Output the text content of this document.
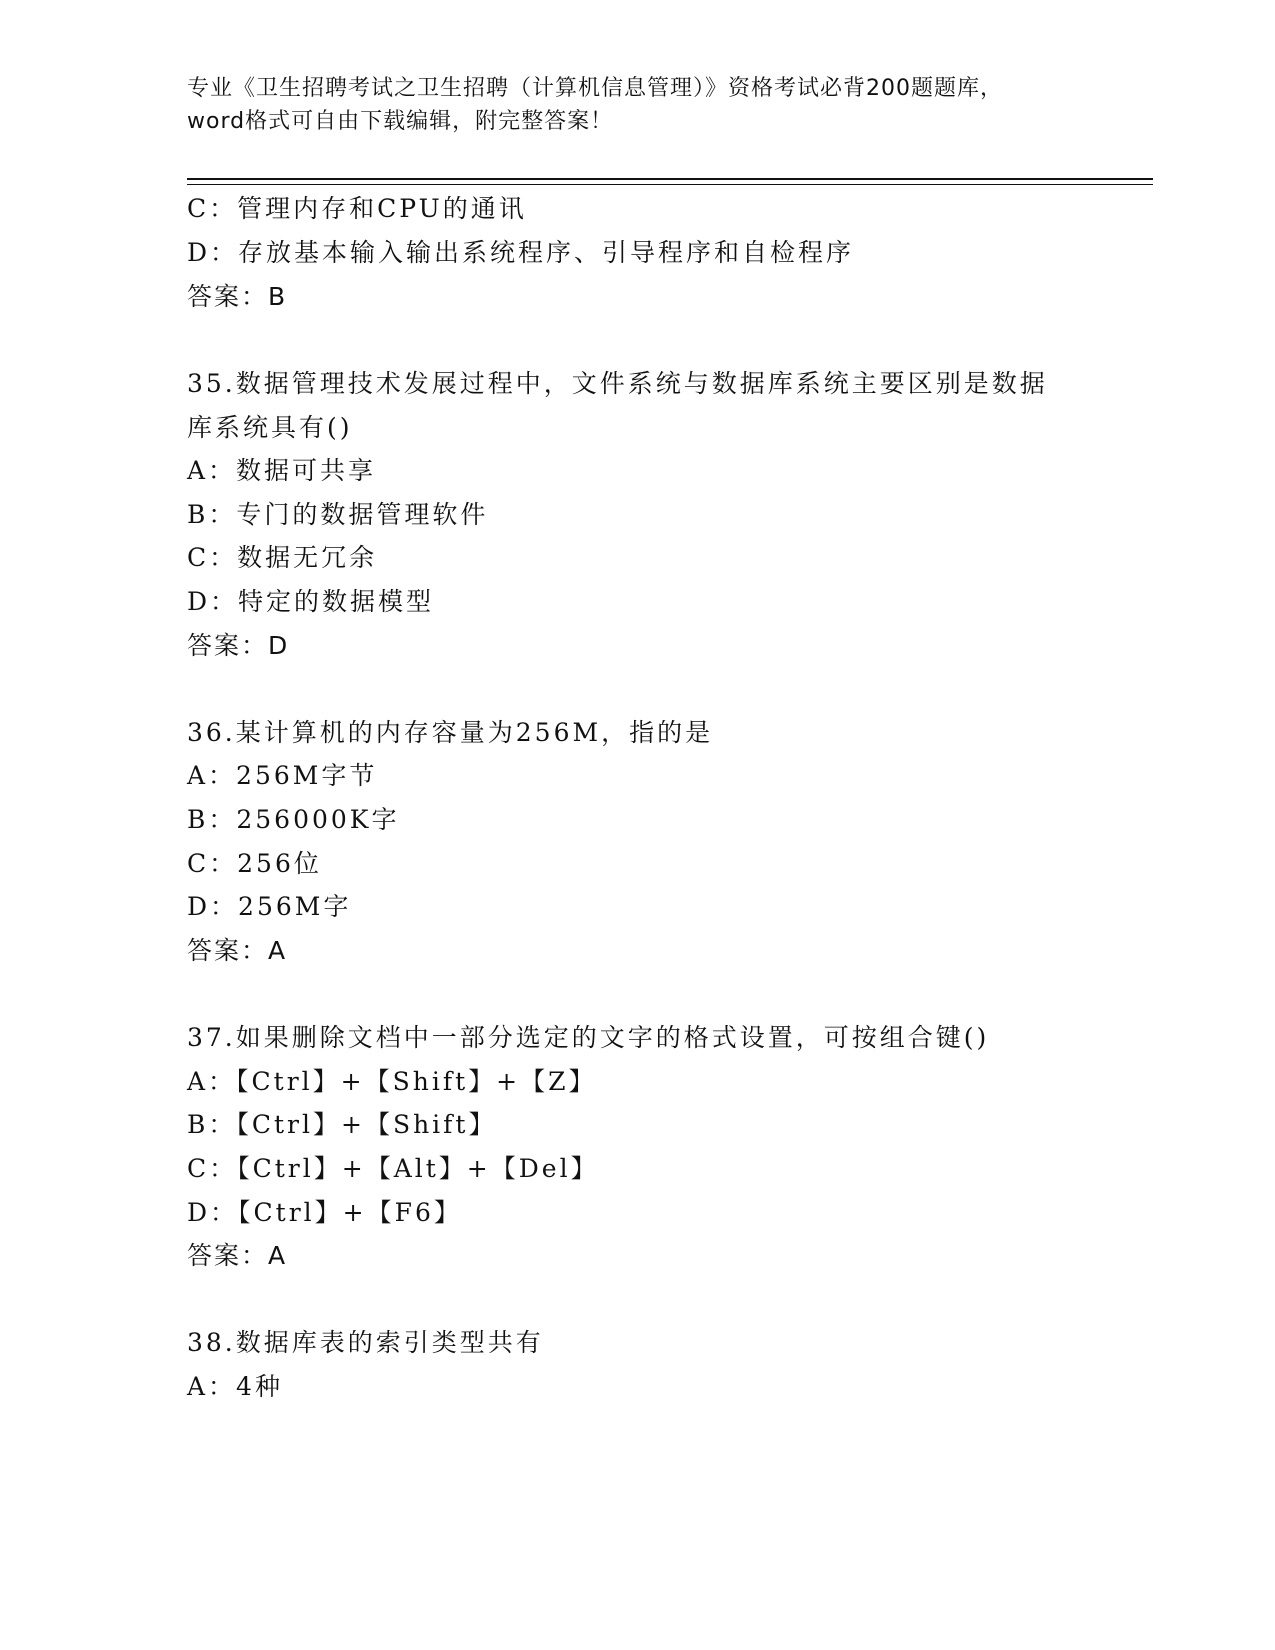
专业《卫生招聘考试之卫生招聘（计算机信息管理）》资格考试必背200题题库，
word格式可自由下载编辑，附完整答案！
C：管理内存和CPU的通讯
D：存放基本输入输出系统程序、引导程序和自检程序
答案：B
35.数据管理技术发展过程中，文件系统与数据库系统主要区别是数据
库系统具有()
A：数据可共享
B：专门的数据管理软件
C：数据无冗余
D：特定的数据模型
答案：D
36.某计算机的内存容量为256M，指的是
A：256M字节
B：256000K字
C：256位
D：256M字
答案：A
37.如果删除文档中一部分选定的文字的格式设置，可按组合键()
A：【Ctrl】+【Shift】+【Z】
B：【Ctrl】+【Shift】
C：【Ctrl】+【Alt】+【Del】
D：【Ctrl】+【F6】
答案：A
38.数据库表的索引类型共有
A：4种
